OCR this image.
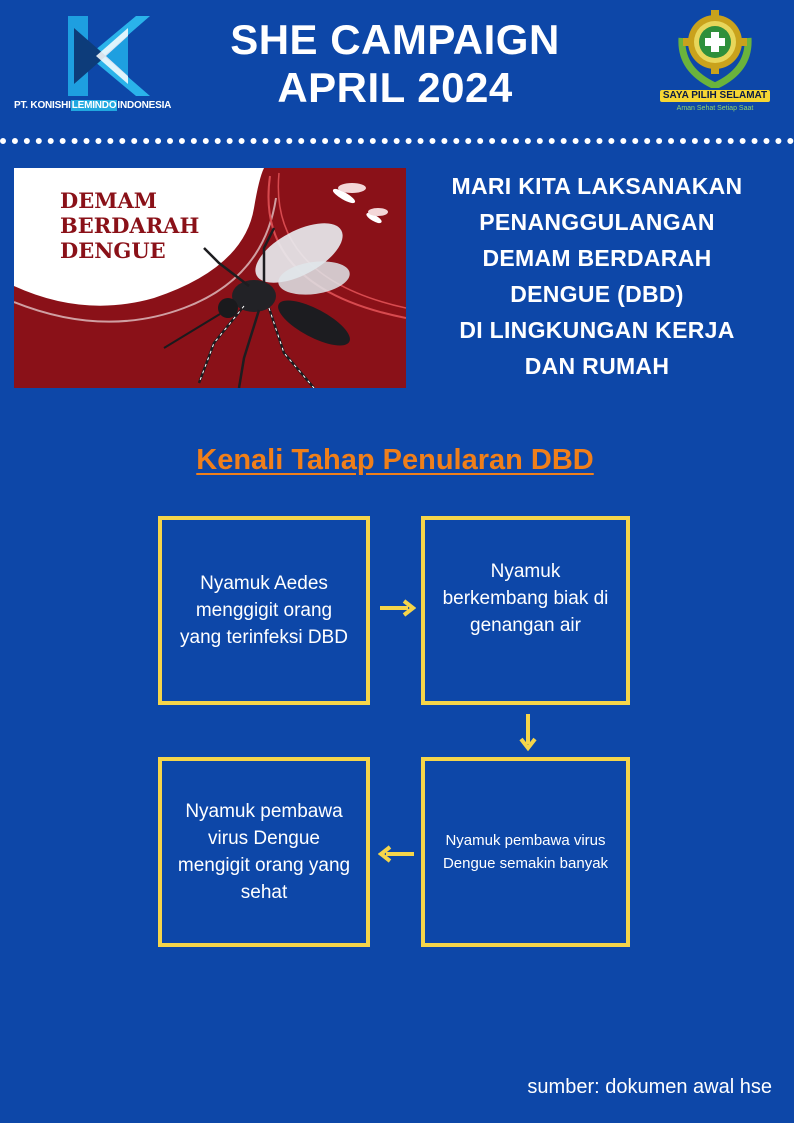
PT. KONISHILEMINDOINDONESIA
SHE CAMPAIGN
APRIL 2024	SAYA PILIH SELAMAT
Aman Sehat Setiap Saat
DEMAM
BERDARAH
DENGUE
MARI KITA LAKSANAKAN
PENANGGULANGAN
DEMAM BERDARAH
DENGUE (DBD)
DI LINGKUNGAN KERJA
DAN RUMAH
Kenali Tahap Penularan DBD
Nyamuk Aedes
menggigit orang
yang terinfeksi DBD
Nyamuk
berkembang biak di
genangan air
Nyamuk pembawa virus
Dengue semakin banyak
Nyamuk pembawa
virus Dengue
mengigit orang yang
sehat
sumber: dokumen awal hse
